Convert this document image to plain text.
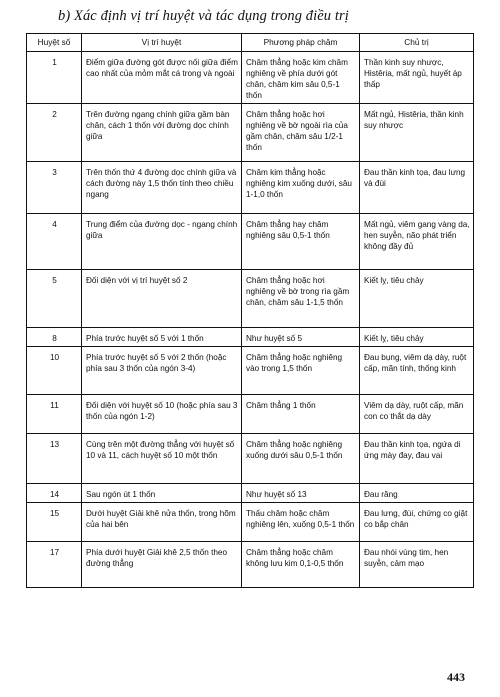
b) Xác định vị trí huyệt và tác dụng trong điều trị
Huyệt số	Vị trí huyệt	Phương pháp châm	Chủ trị
1	Điểm giữa đường gót được nối giữa điểm cao nhất của mỏm mắt cá trong và ngoài	Châm thẳng hoặc kim châm nghiêng về phía dưới gót chân, châm kim sâu 0,5-1 thốn	Thần kinh suy nhược, Histêria, mất ngủ, huyết áp thấp
2	Trên đường ngang chính giữa gầm bàn chân, cách 1 thốn với đường dọc chính giữa	Châm thẳng hoặc hơi nghiêng về bờ ngoài rìa của gầm chân, châm sâu 1/2-1 thốn	Mất ngủ, Histêria, thần kinh suy nhược
3	Trên thốn thứ 4 đường dọc chính giữa và cách đường này 1,5 thốn tính theo chiều ngang	Châm kim thẳng hoặc nghiêng kim xuống dưới, sâu 1-1,0 thốn	Đau thần kinh tọa, đau lưng và đùi
4	Trung điểm của đường dọc - ngang chính giữa	Châm thẳng hay châm nghiêng sâu 0,5-1 thốn	Mất ngủ, viêm gang vàng da, hen suyễn, não phát triển không đầy đủ
5	Đối diện với vị trí huyệt số 2	Châm thẳng hoặc hơi nghiêng về bờ trong rìa gầm chân, châm sâu 1-1,5 thốn	Kiết lỵ, tiêu chảy
8	Phía trước huyệt số 5 với 1 thốn	Như huyệt số 5	Kiết lỵ, tiêu chảy
10	Phía trước huyệt số 5 với 2 thốn (hoặc phía sau 3 thốn của ngón 3-4)	Châm thẳng hoặc nghiêng vào trong 1,5 thốn	Đau bụng, viêm dạ dày, ruột cấp, mãn tính, thống kinh
11	Đối diện với huyệt số 10 (hoặc phía sau 3 thốn của ngón 1-2)	Châm thẳng 1 thốn	Viêm dạ dày, ruột cấp, mãn con co thắt dạ dày
13	Cùng trên một đường thẳng với huyệt số 10 và 11, cách huyệt số 10 một thốn	Châm thẳng hoặc nghiêng xuống dưới sâu 0,5-1 thốn	Đau thần kinh tọa, ngứa di ứng mày đay, đau vai
14	Sau ngón út 1 thốn	Như huyệt số 13	Đau răng
15	Dưới huyệt Giải khê nửa thốn, trong hõm của hai bên	Thấu châm hoặc châm nghiêng lên, xuống 0,5-1 thốn	Đau lưng, đùi, chứng co giật co bắp chân
17	Phía dưới huyệt Giải khê 2,5 thốn theo đường thẳng	Châm thẳng hoặc châm không lưu kim 0,1-0,5 thốn	Đau nhói vùng tim, hen suyễn, cảm mạo
443
